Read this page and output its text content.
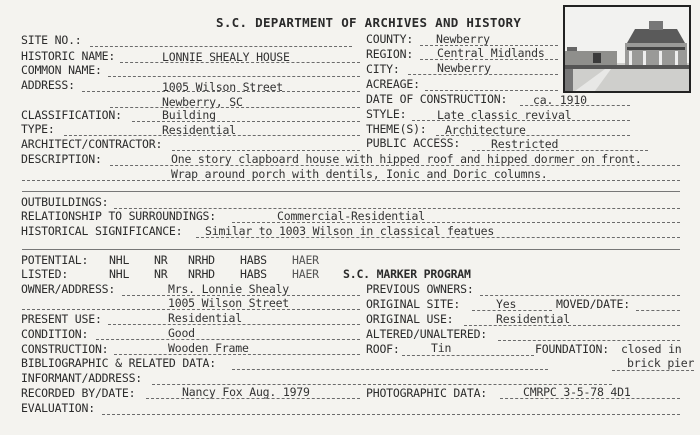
S.C. DEPARTMENT OF ARCHIVES AND HISTORY
SITE NO.:
HISTORIC NAME:	LONNIE SHEALY HOUSE
COMMON NAME:
ADDRESS:	1005 Wilson Street
Newberry, SC
CLASSIFICATION:	Building
TYPE:	Residential
ARCHITECT/CONTRACTOR:
COUNTY: Newberry
REGION: Central Midlands
CITY:	Newberry
ACREAGE:
DATE OF CONSTRUCTION: ca. 1910
STYLE:	Late classic revival
THEME(S): Architecture
PUBLIC ACCESS:	Restricted
DESCRIPTION:	One story clapboard house with hipped roof and hipped dormer on front.
Wrap around porch with dentils, Ionic and Doric columns.
OUTBUILDINGS:
RELATIONSHIP TO SURROUNDINGS:	Commercial-Residential
HISTORICAL SIGNIFICANCE: Similar to 1003 Wilson in classical featues
POTENTIAL: NHL NR NRHD HABS HAER
LISTED:	NHL NR NRHD HABS HAER S.C. MARKER PROGRAM
OWNER/ADDRESS:	Mrs. Lonnie Shealy
1005 Wilson Street
PRESENT USE:	Residential
CONDITION:	Good
CONSTRUCTION:	Wooden Frame
BIBLIOGRAPHIC & RELATED DATA:
INFORMANT/ADDRESS:
RECORDED BY/DATE:	Nancy Fox Aug. 1979
EVALUATION:
PREVIOUS OWNERS:
ORIGINAL SITE:	Yes	MOVED/DATE:
ORIGINAL USE:	Residential
ALTERED/UNALTERED:
ROOF:	Tin	FOUNDATION: closed in
brick pier
PHOTOGRAPHIC DATA:	CMRPC 3-5-78 4D1
